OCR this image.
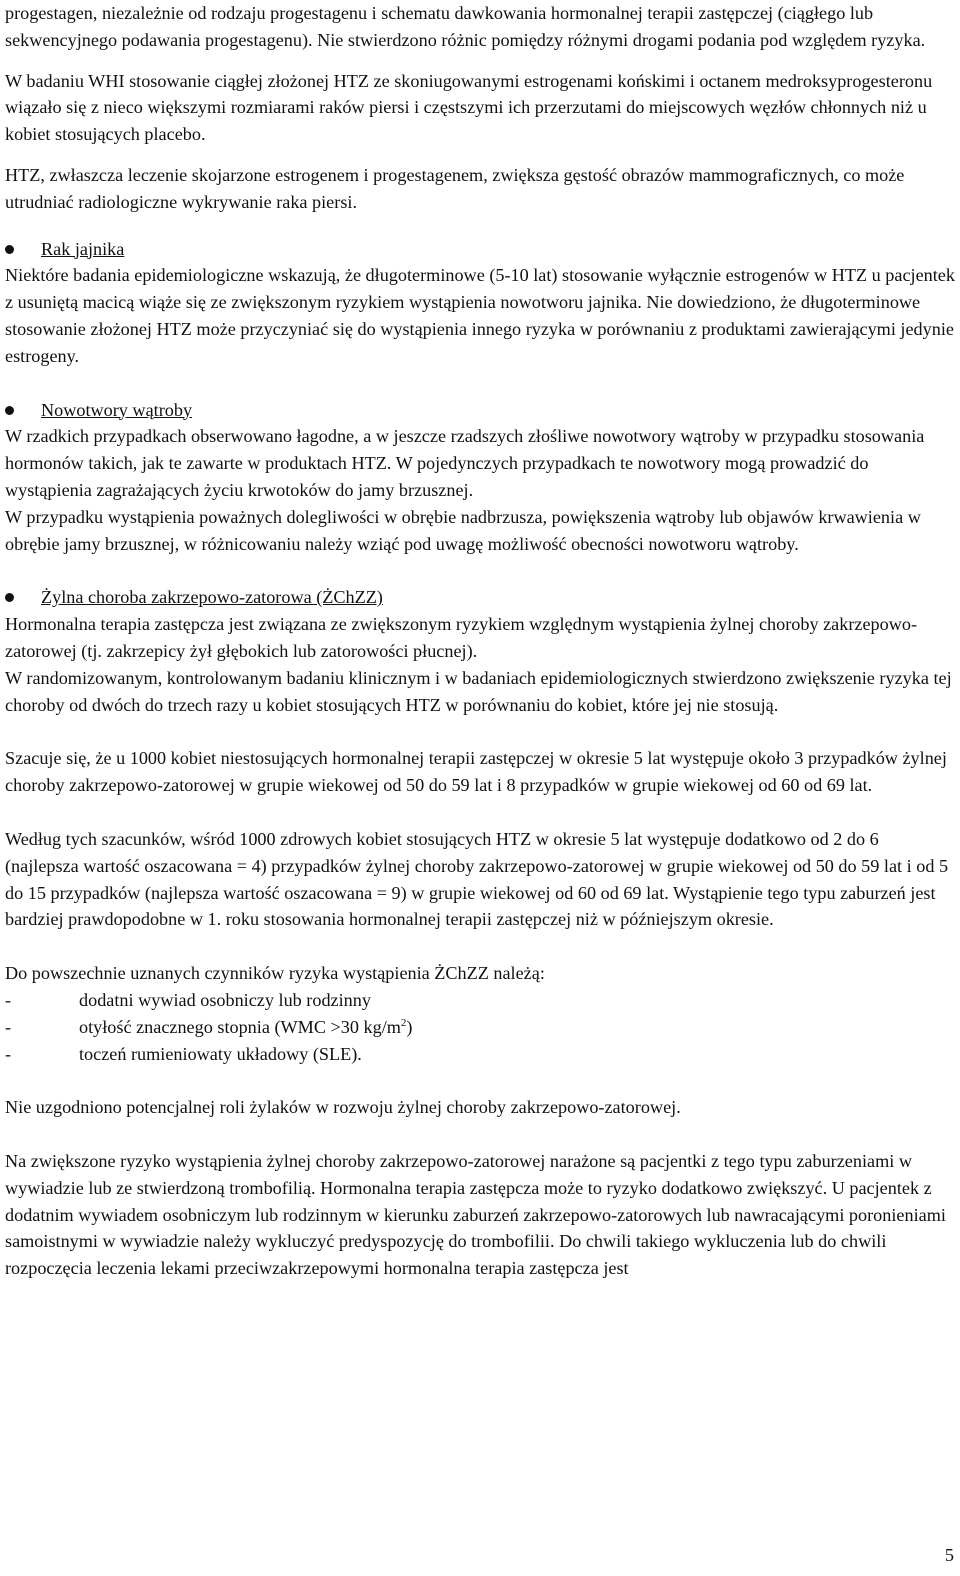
progestagen, niezależnie od rodzaju progestagenu i schematu dawkowania hormonalnej terapii zastępczej (ciągłego lub sekwencyjnego podawania progestagenu). Nie stwierdzono różnic pomiędzy różnymi drogami podania pod względem ryzyka.

W badaniu WHI stosowanie ciągłej złożonej HTZ ze skoniugowanymi estrogenami końskimi i octanem medroksyprogesteronu wiązało się z nieco większymi rozmiarami raków piersi i częstszymi ich przerzutami do miejscowych węzłów chłonnych niż u kobiet stosujących placebo.

HTZ, zwłaszcza leczenie skojarzone estrogenem i progestagenem, zwiększa gęstość obrazów mammograficznych, co może utrudniać radiologiczne wykrywanie raka piersi.

Rak jajnika

Niektóre badania epidemiologiczne wskazują, że długoterminowe (5-10 lat) stosowanie wyłącznie estrogenów w HTZ u pacjentek z usuniętą macicą wiąże się ze zwiększonym ryzykiem wystąpienia nowotworu jajnika. Nie dowiedziono, że długoterminowe stosowanie złożonej HTZ może przyczyniać się do wystąpienia innego ryzyka w porównaniu z produktami zawierającymi jedynie estrogeny.

Nowotwory wątroby

W rzadkich przypadkach obserwowano łagodne, a w jeszcze rzadszych złośliwe nowotwory wątroby w przypadku stosowania hormonów takich, jak te zawarte w produktach HTZ. W pojedynczych przypadkach te nowotwory mogą prowadzić do wystąpienia zagrażających życiu krwotoków do jamy brzusznej.

W przypadku wystąpienia poważnych dolegliwości w obrębie nadbrzusza, powiększenia wątroby lub objawów krwawienia w obrębie jamy brzusznej, w różnicowaniu należy wziąć pod uwagę możliwość obecności nowotworu wątroby.

Żylna choroba zakrzepowo-zatorowa (ŻChZZ)

Hormonalna terapia zastępcza jest związana ze zwiększonym ryzykiem względnym wystąpienia żylnej choroby zakrzepowo-zatorowej (tj. zakrzepicy żył głębokich lub zatorowości płucnej).

W randomizowanym, kontrolowanym badaniu klinicznym i w badaniach epidemiologicznych stwierdzono zwiększenie ryzyka tej choroby od dwóch do trzech razy u kobiet stosujących HTZ w porównaniu do kobiet, które jej nie stosują.

Szacuje się, że u 1000 kobiet niestosujących hormonalnej terapii zastępczej w okresie 5 lat występuje około 3 przypadków żylnej choroby zakrzepowo-zatorowej w grupie wiekowej od 50 do 59 lat i 8 przypadków w grupie wiekowej od 60 od 69 lat.

Według tych szacunków, wśród 1000 zdrowych kobiet stosujących HTZ w okresie 5 lat występuje dodatkowo od 2 do 6 (najlepsza wartość oszacowana = 4) przypadków żylnej choroby zakrzepowo-zatorowej w grupie wiekowej od 50 do 59 lat i od 5 do 15 przypadków (najlepsza wartość oszacowana = 9) w grupie wiekowej od 60 od 69 lat. Wystąpienie tego typu zaburzeń jest bardziej prawdopodobne w 1. roku stosowania hormonalnej terapii zastępczej niż w późniejszym okresie.

Do powszechnie uznanych czynników ryzyka wystąpienia ŻChZZ należą:

-	dodatni wywiad osobniczy lub rodzinny
-	otyłość znacznego stopnia (WMC >30 $kg/m^2$)
-	toczeń rumieniowaty układowy (SLE).

Nie uzgodniono potencjalnej roli żylaków w rozwoju żylnej choroby zakrzepowo-zatorowej.

Na zwiększone ryzyko wystąpienia żylnej choroby zakrzepowo-zatorowej narażone są pacjentki z tego typu zaburzeniami w wywiadzie lub ze stwierdzoną trombofilią. Hormonalna terapia zastępcza może to ryzyko dodatkowo zwiększyć. U pacjentek z dodatnim wywiadem osobniczym lub rodzinnym w kierunku zaburzeń zakrzepowo-zatorowych lub nawracającymi poronieniami samoistnymi w wywiadzie należy wykluczyć predyspozycję do trombofilii. Do chwili takiego wykluczenia lub do chwili rozpoczęcia leczenia lekami przeciwzakrzepowymi hormonalna terapia zastępcza jest

5
